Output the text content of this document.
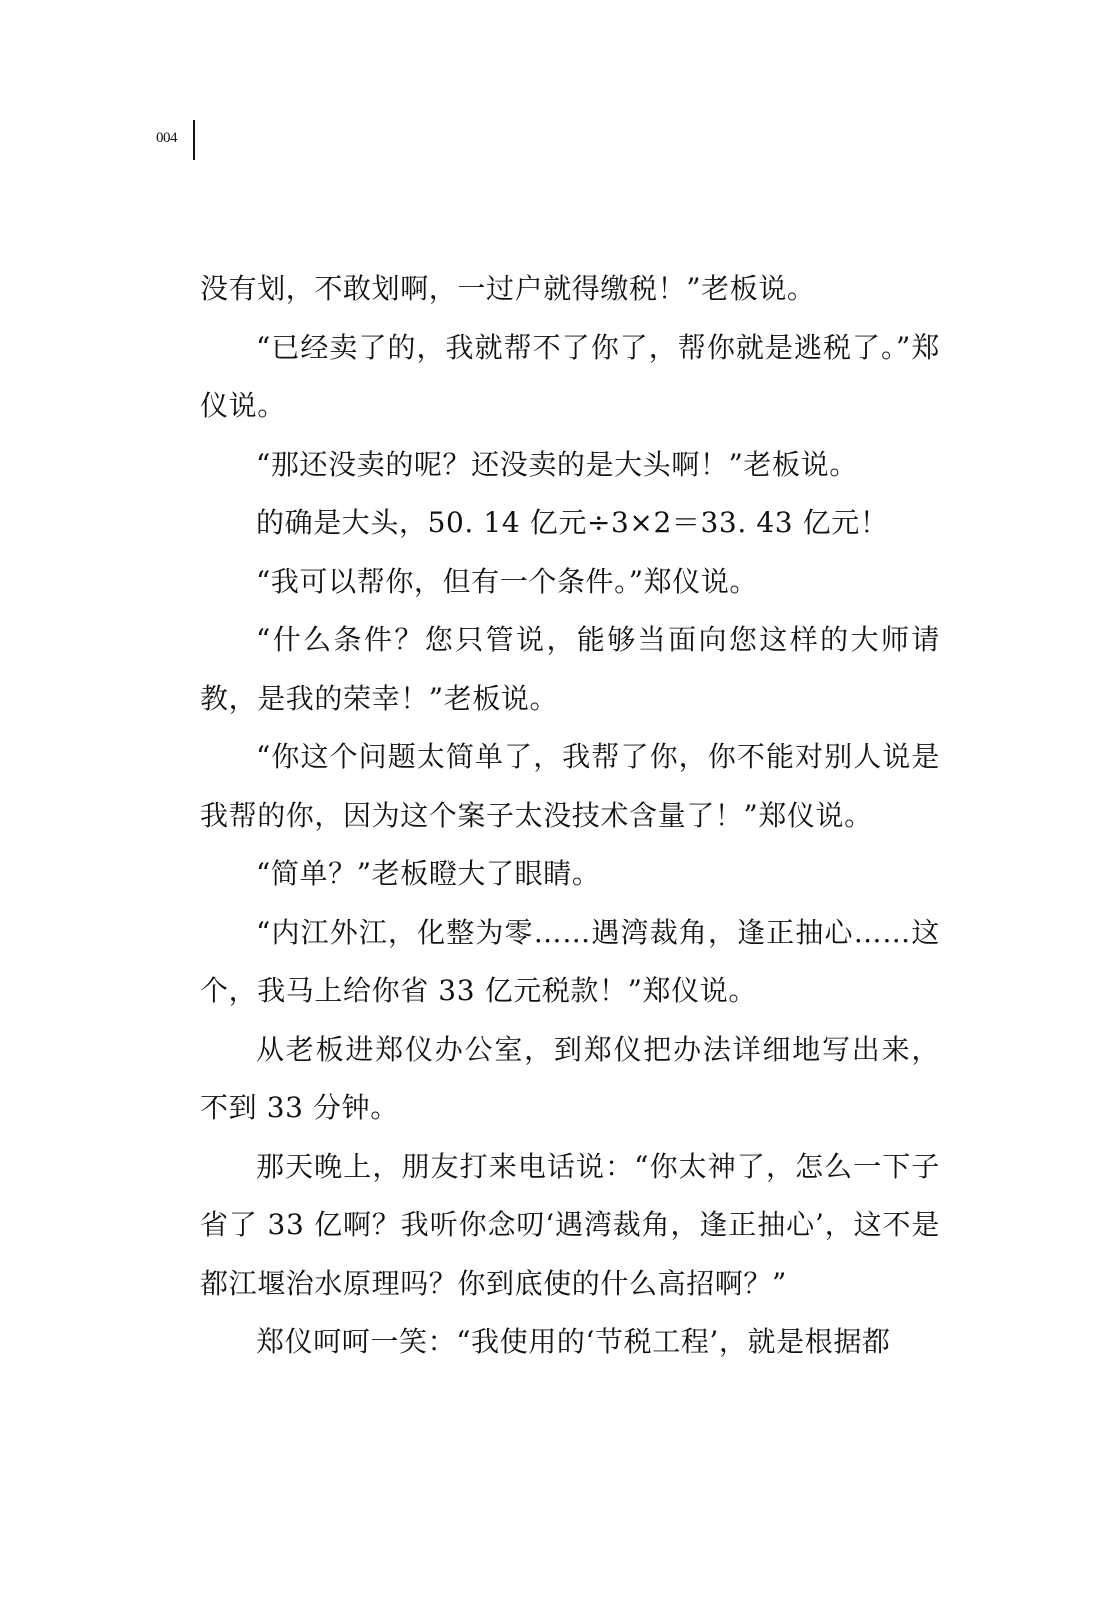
004

没有划，不敢划啊，一过户就得缴税！”老板说。

“已经卖了的，我就帮不了你了，帮你就是逃税了。”郑仪说。

“那还没卖的呢？还没卖的是大头啊！”老板说。

的确是大头，50. 14 亿元÷3×2＝33. 43 亿元！

“我可以帮你，但有一个条件。”郑仪说。

“什么条件？您只管说，能够当面向您这样的大师请教，是我的荣幸！”老板说。

“你这个问题太简单了，我帮了你，你不能对别人说是我帮的你，因为这个案子太没技术含量了！”郑仪说。

“简单？”老板瞪大了眼睛。

“内江外江，化整为零……遇湾裁角，逢正抽心……这个，我马上给你省 33 亿元税款！”郑仪说。

从老板进郑仪办公室，到郑仪把办法详细地写出来，不到 33 分钟。

那天晚上，朋友打来电话说：“你太神了，怎么一下子省了 33 亿啊？我听你念叨‘遇湾裁角，逢正抽心’，这不是都江堰治水原理吗？你到底使的什么高招啊？”

郑仪呵呵一笑：“我使用的‘节税工程’，就是根据都
